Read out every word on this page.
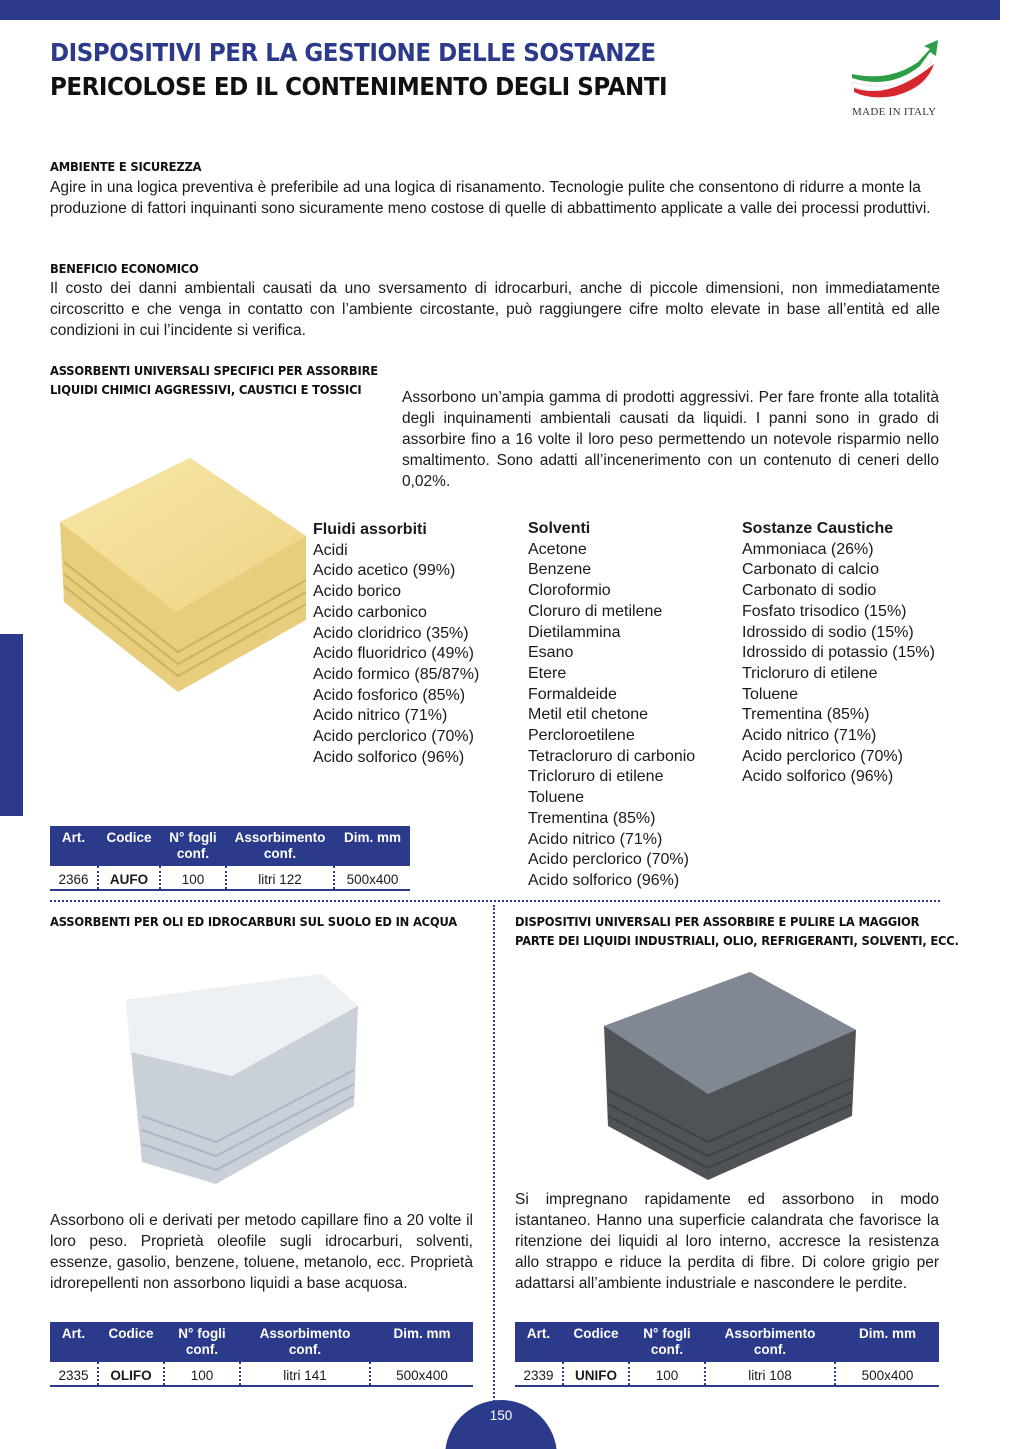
DISPOSITIVI PER LA GESTIONE DELLE SOSTANZE
PERICOLOSE ED IL CONTENIMENTO DEGLI SPANTI
MADE IN ITALY
AMBIENTE E SICUREZZA
Agire in una logica preventiva è preferibile ad una logica di risanamento. Tecnologie pulite che consentono di ridurre a monte la produzione di fattori inquinanti sono sicuramente meno costose di quelle di abbattimento applicate a valle dei processi produttivi.
BENEFICIO ECONOMICO
Il costo dei danni ambientali causati da uno sversamento di idrocarburi, anche di piccole dimensioni, non immediatamente circoscritto e che venga in contatto con l’ambiente circostante, può raggiungere cifre molto elevate in base all’entità ed alle condizioni in cui l’incidente si verifica.
ASSORBENTI UNIVERSALI SPECIFICI PER ASSORBIRE
LIQUIDI CHIMICI AGGRESSIVI, CAUSTICI E TOSSICI	Assorbono un’ampia gamma di prodotti aggressivi. Per fare fronte alla totalità degli inquinamenti ambientali causati da liquidi. I panni sono in grado di assorbire fino a 16 volte il loro peso permettendo un notevole risparmio nello smaltimento. Sono adatti all’incenerimento con un contenuto di ceneri dello 0,02%.
Fluidi assorbiti
Acidi
Acido acetico (99%)
Acido borico
Acido carbonico
Acido cloridrico (35%)
Acido fluoridrico (49%)
Acido formico (85/87%)
Acido fosforico (85%)
Acido nitrico (71%)
Acido perclorico (70%)
Acido solforico (96%)
Solventi
Acetone
Benzene
Cloroformio
Cloruro di metilene
Dietilammina
Esano
Etere
Formaldeide
Metil etil chetone
Percloroetilene
Tetracloruro di carbonio
Tricloruro di etilene
Toluene
Trementina (85%)
Acido nitrico (71%)
Acido perclorico (70%)
Acido solforico (96%)
Sostanze Caustiche
Ammoniaca (26%)
Carbonato di calcio
Carbonato di sodio
Fosfato trisodico (15%)
Idrossido di sodio (15%)
Idrossido di potassio (15%)
Tricloruro di etilene
Toluene
Trementina (85%)
Acido nitrico (71%)
Acido perclorico (70%)
Acido solforico (96%)
Art.	Codice	N° fogli conf.	Assorbimento conf.	Dim. mm
2366	AUFO	100	litri 122	500x400
ASSORBENTI PER OLI ED IDROCARBURI SUL SUOLO ED IN ACQUA
Assorbono oli e derivati per metodo capillare fino a 20 volte il loro peso. Proprietà oleofile sugli idrocarburi, solventi, essenze, gasolio, benzene, toluene, metanolo, ecc. Proprietà idrorepellenti non assorbono liquidi a base acquosa.
Art.	Codice	N° fogli conf.	Assorbimento conf.	Dim. mm
2335	OLIFO	100	litri 141	500x400
DISPOSITIVI UNIVERSALI PER ASSORBIRE E PULIRE LA MAGGIOR
PARTE DEI LIQUIDI INDUSTRIALI, OLIO, REFRIGERANTI, SOLVENTI, ECC.
Si impregnano rapidamente ed assorbono in modo istantaneo. Hanno una superficie calandrata che favorisce la ritenzione dei liquidi al loro interno, accresce la resistenza allo strappo e riduce la perdita di fibre. Di colore grigio per adattarsi all’ambiente industriale e nascondere le perdite.
Art.	Codice	N° fogli conf.	Assorbimento conf.	Dim. mm
2339	UNIFO	100	litri 108	500x400
150
